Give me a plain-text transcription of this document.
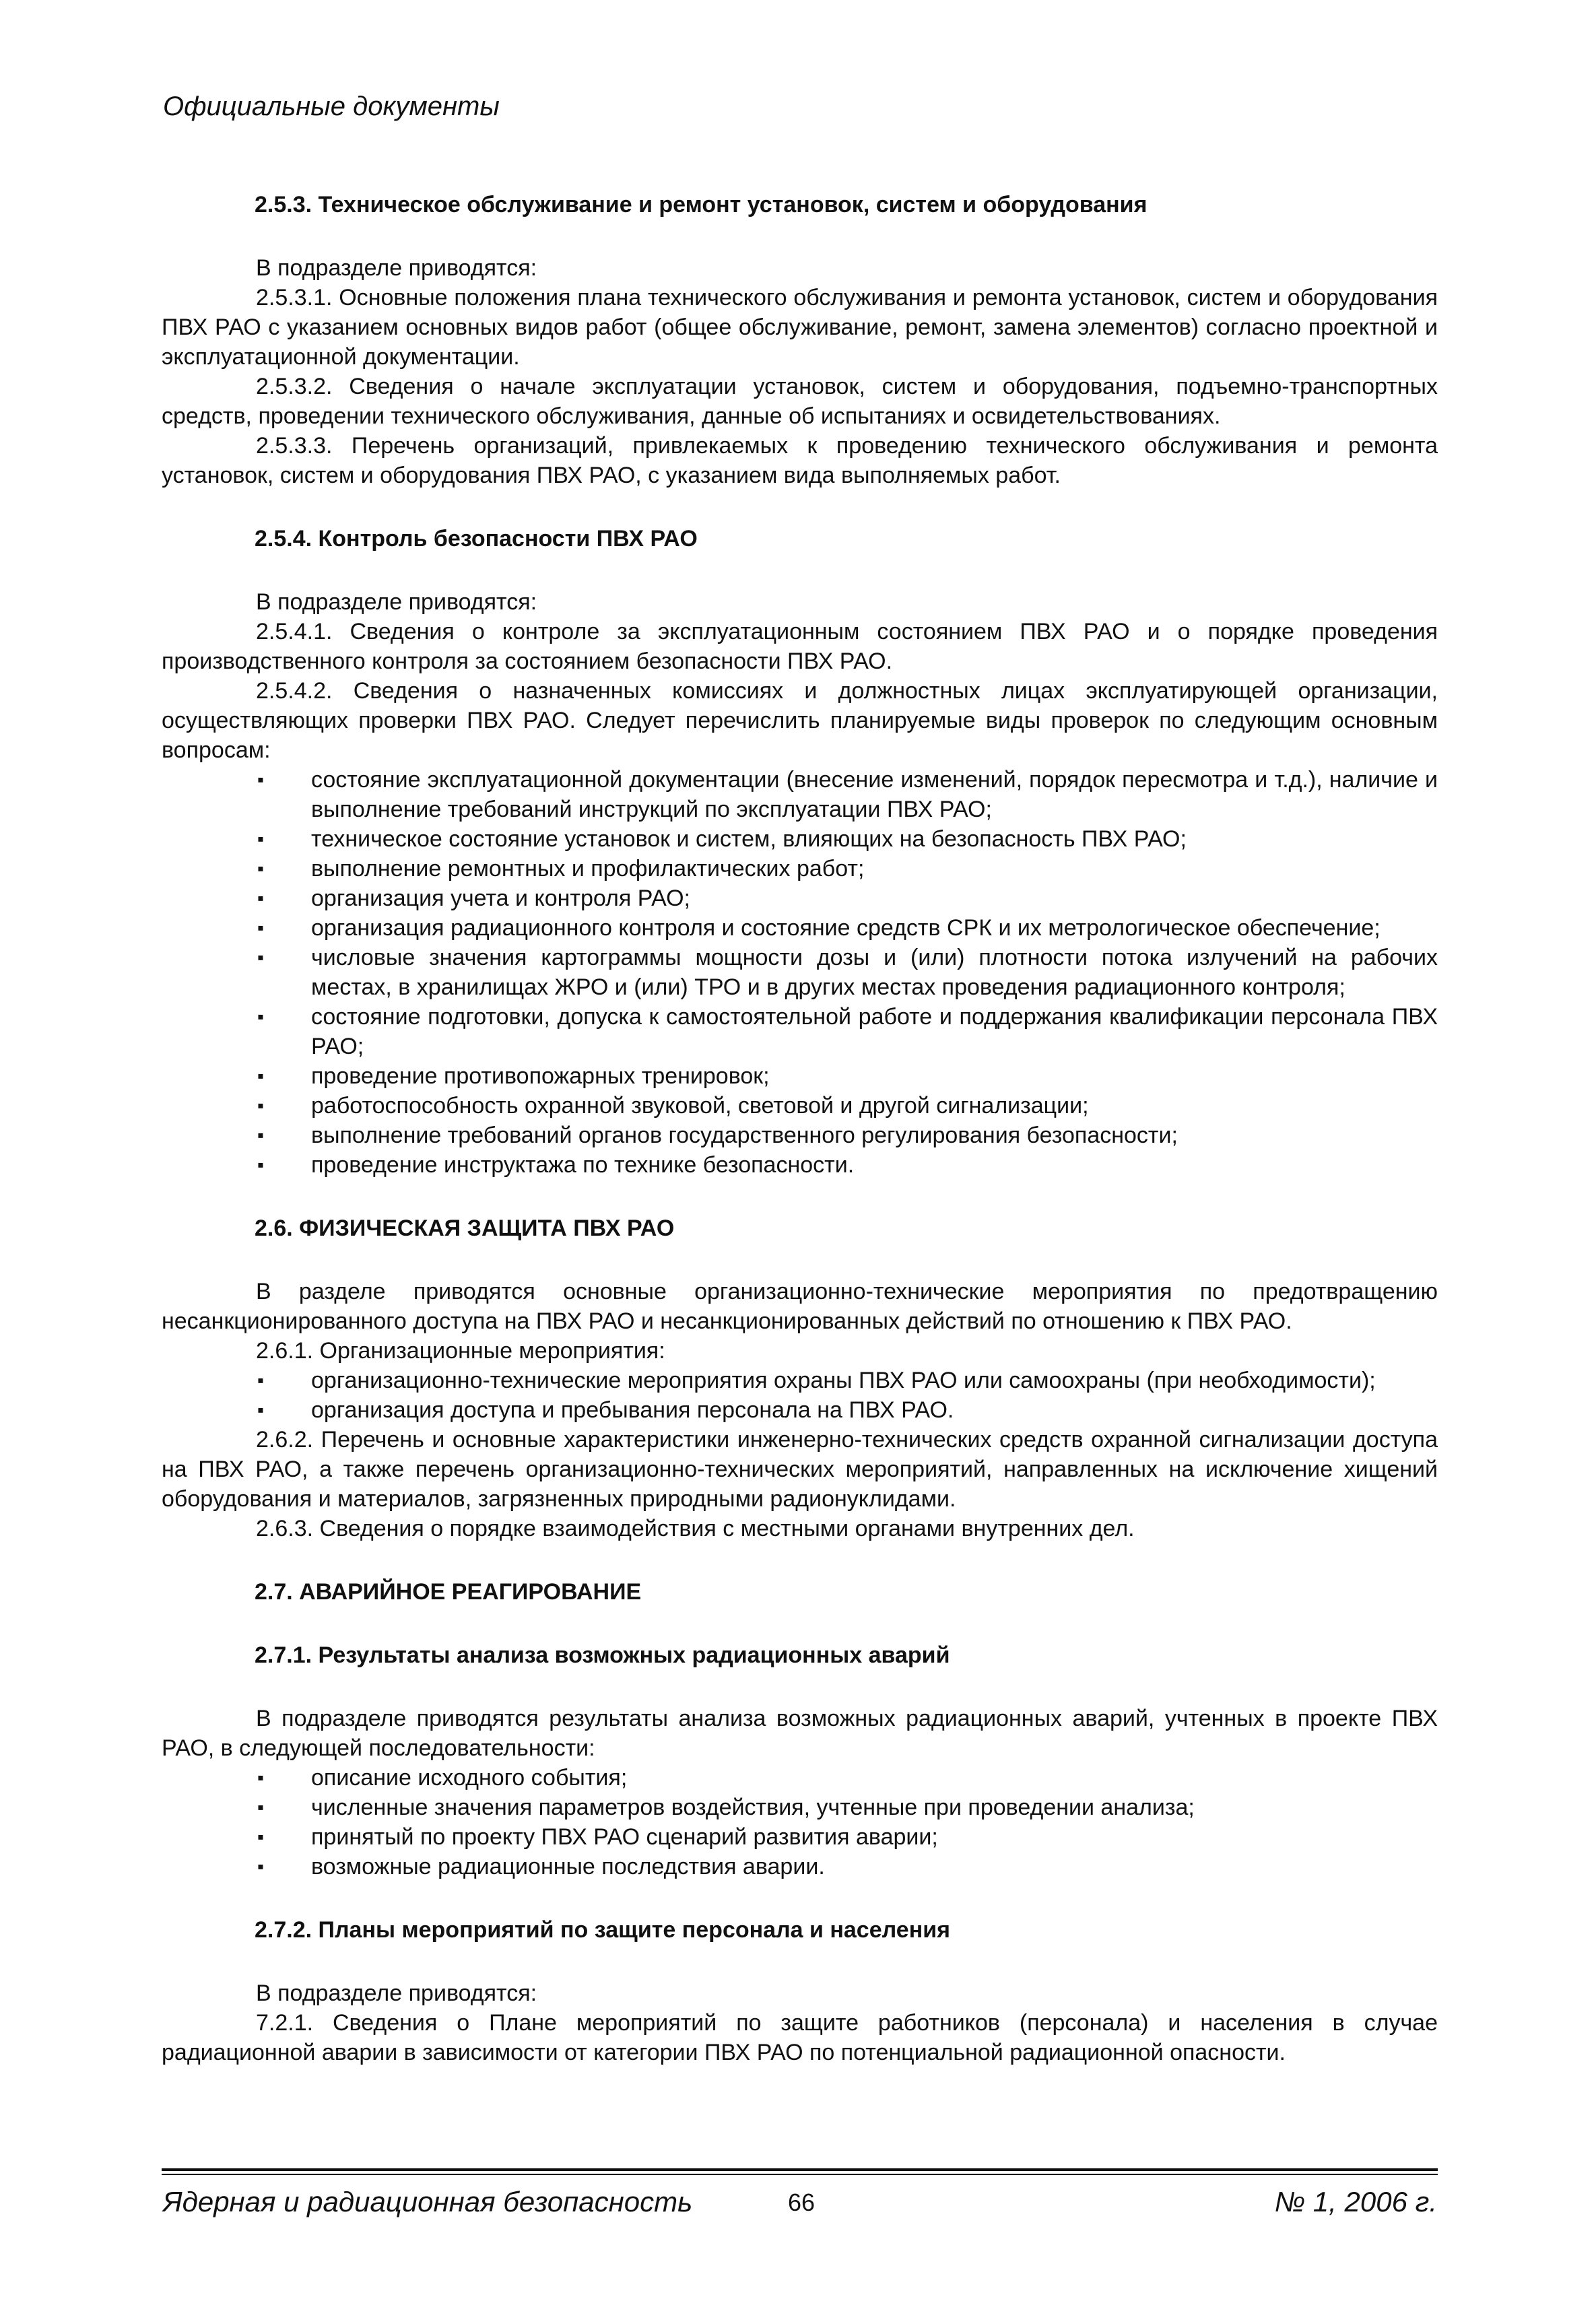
Официальные документы
2.5.3. Техническое обслуживание и ремонт установок, систем и оборудования

В подразделе приводятся:

2.5.3.1. Основные положения плана технического обслуживания и ремонта установок, систем и оборудования ПВХ РАО с указанием основных видов работ (общее обслуживание, ремонт, замена элементов) согласно проектной и эксплуатационной документации.

2.5.3.2. Сведения о начале эксплуатации установок, систем и оборудования, подъемно-транспортных средств, проведении технического обслуживания, данные об испытаниях и освидетельствованиях.

2.5.3.3. Перечень организаций, привлекаемых к проведению технического обслуживания и ремонта установок, систем и оборудования ПВХ РАО, с указанием вида выполняемых работ.

2.5.4. Контроль безопасности ПВХ РАО

В подразделе приводятся:

2.5.4.1. Сведения о контроле за эксплуатационным состоянием ПВХ РАО и о порядке проведения производственного контроля за состоянием безопасности ПВХ РАО.

2.5.4.2. Сведения о назначенных комиссиях и должностных лицах эксплуатирующей организации, осуществляющих проверки ПВХ РАО. Следует перечислить планируемые виды проверок по следующим основным вопросам:

▪ состояние эксплуатационной документации (внесение изменений, порядок пересмотра и т.д.), наличие и выполнение требований инструкций по эксплуатации ПВХ РАО;
▪ техническое состояние установок и систем, влияющих на безопасность ПВХ РАО;
▪ выполнение ремонтных и профилактических работ;
▪ организация учета и контроля РАО;
▪ организация радиационного контроля и состояние средств СРК и их метрологическое обеспечение;
▪ числовые значения картограммы мощности дозы и (или) плотности потока излучений на рабочих местах, в хранилищах ЖРО и (или) ТРО и в других местах проведения радиационного контроля;
▪ состояние подготовки, допуска к самостоятельной работе и поддержания квалификации персонала ПВХ РАО;
▪ проведение противопожарных тренировок;
▪ работоспособность охранной звуковой, световой и другой сигнализации;
▪ выполнение требований органов государственного регулирования безопасности;
▪ проведение инструктажа по технике безопасности.
2.6. ФИЗИЧЕСКАЯ ЗАЩИТА ПВХ РАО

В разделе приводятся основные организационно-технические мероприятия по предотвращению несанкционированного доступа на ПВХ РАО и несанкционированных действий по отношению к ПВХ РАО.

2.6.1. Организационные мероприятия:

▪ организационно-технические мероприятия охраны ПВХ РАО или самоохраны (при необходимости);
▪ организация доступа и пребывания персонала на ПВХ РАО.

2.6.2. Перечень и основные характеристики инженерно-технических средств охранной сигнализации доступа на ПВХ РАО, а также перечень организационно-технических мероприятий, направленных на исключение хищений оборудования и материалов, загрязненных природными радионуклидами.

2.6.3. Сведения о порядке взаимодействия с местными органами внутренних дел.

2.7. АВАРИЙНОЕ РЕАГИРОВАНИЕ
2.7.1. Результаты анализа возможных радиационных аварий

В подразделе приводятся результаты анализа возможных радиационных аварий, учтенных в проекте ПВХ РАО, в следующей последовательности:

▪ описание исходного события;
▪ численные значения параметров воздействия, учтенные при проведении анализа;
▪ принятый по проекту ПВХ РАО сценарий развития аварии;
▪ возможные радиационные последствия аварии.
2.7.2. Планы мероприятий по защите персонала и населения

В подразделе приводятся:

7.2.1. Сведения о Плане мероприятий по защите работников (персонала) и населения в случае радиационной аварии в зависимости от категории ПВХ РАО по потенциальной радиационной опасности.

Ядерная и радиационная безопасность	66	№ 1, 2006 г.
